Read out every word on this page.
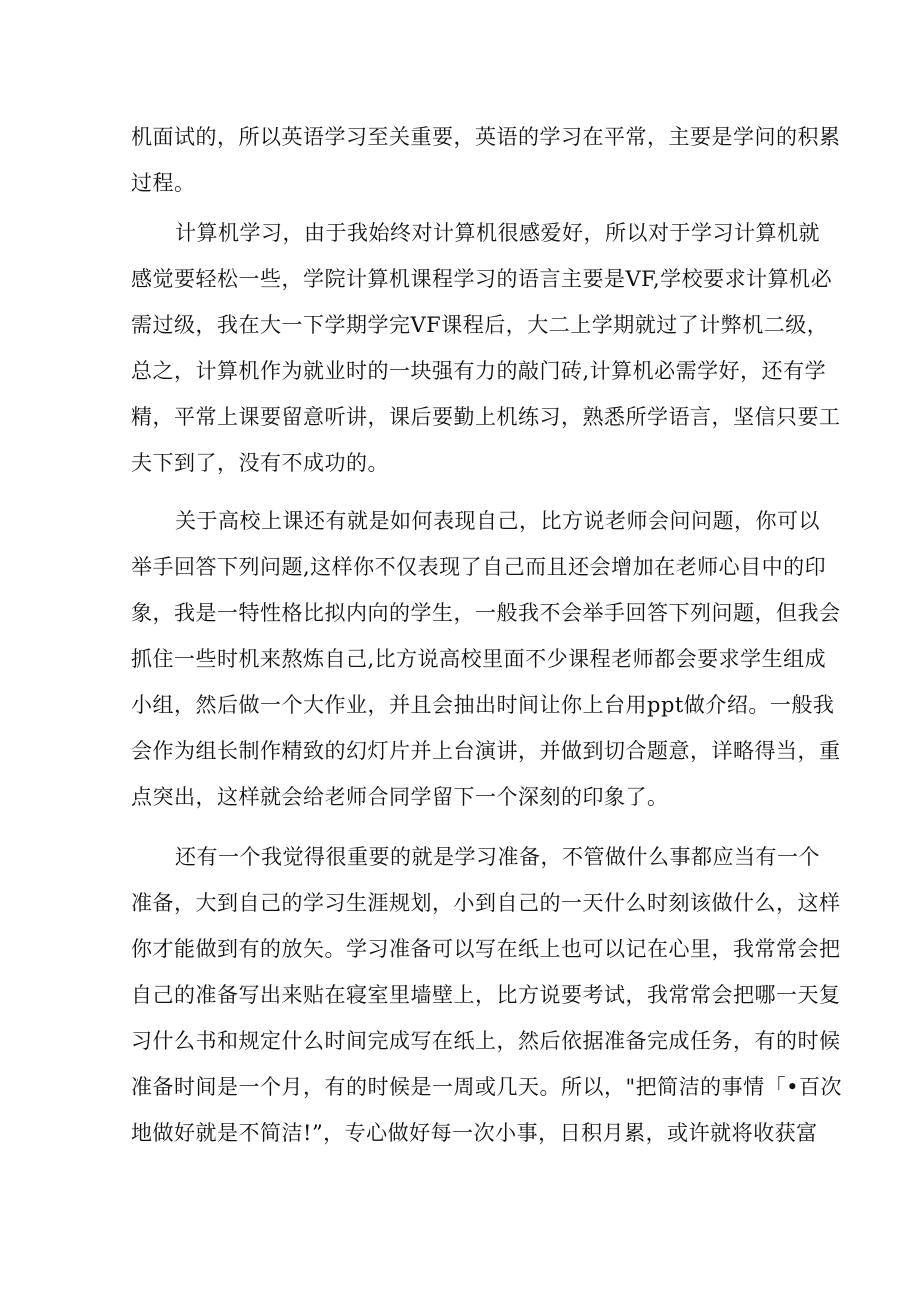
机面试的，所以英语学习至关重要，英语的学习在平常，主要是学问的积累
过程。
计算机学习，由于我始终对计算机很感爱好，所以对于学习计算机就
感觉要轻松一些，学院计算机课程学习的语言主要是VF,学校要求计算机必
需过级，我在大一下学期学完VF课程后，大二上学期就过了计弊机二级，
总之，计算机作为就业时的一块强有力的敲门砖,计算机必需学好，还有学
精，平常上课要留意听讲，课后要勤上机练习，熟悉所学语言，坚信只要工
夫下到了，没有不成功的。
关于高校上课还有就是如何表现自己，比方说老师会问问题，你可以
举手回答下列问题,这样你不仅表现了自己而且还会增加在老师心目中的印
象，我是一特性格比拟内向的学生，一般我不会举手回答下列问题，但我会
抓住一些时机来熬炼自己,比方说高校里面不少课程老师都会要求学生组成
小组，然后做一个大作业，并且会抽出时间让你上台用ppt做介绍。一般我
会作为组长制作精致的幻灯片并上台演讲，并做到切合题意，详略得当，重
点突出，这样就会给老师合同学留下一个深刻的印象了。
还有一个我觉得很重要的就是学习准备，不管做什么事都应当有一个
准备，大到自己的学习生涯规划，小到自己的一天什么时刻该做什么，这样
你才能做到有的放矢。学习准备可以写在纸上也可以记在心里，我常常会把
自己的准备写出来贴在寝室里墙壁上，比方说要考试，我常常会把哪一天复
习什么书和规定什么时间完成写在纸上，然后依据准备完成任务，有的时候
准备时间是一个月，有的时候是一周或几天。所以，"把简洁的事情「•百次
地做好就是不简洁!”，专心做好每一次小事，日积月累，或许就将收获富
